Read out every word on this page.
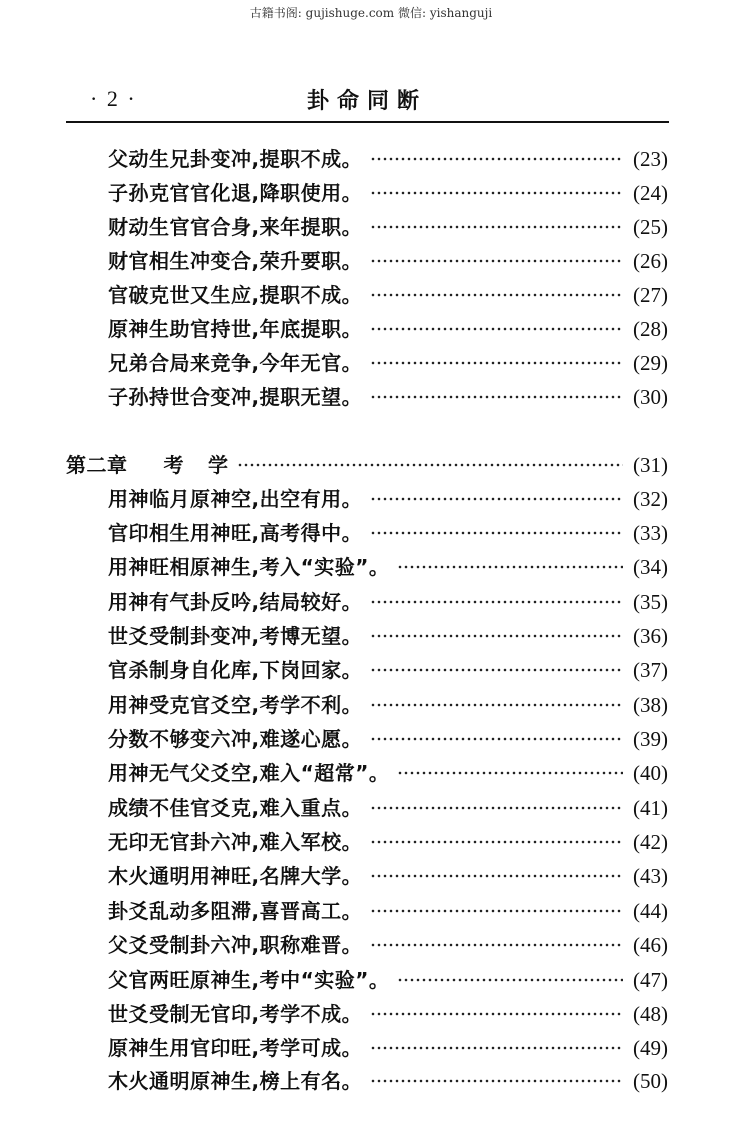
古籍书阁: gujishuge.com 微信: yishanguji
· 2 ·	卦命同断
父动生兄卦变冲,提职不成。	(23)
子孙克官官化退,降职使用。	(24)
财动生官官合身,来年提职。	(25)
财官相生冲变合,荣升要职。	(26)
官破克世又生应,提职不成。	(27)
原神生助官持世,年底提职。	(28)
兄弟合局来竞争,今年无官。	(29)
子孙持世合变冲,提职无望。	(30)
第二章 考 学	(31)
用神临月原神空,出空有用。	(32)
官印相生用神旺,高考得中。	(33)
用神旺相原神生,考入“实验”。	(34)
用神有气卦反吟,结局较好。	(35)
世爻受制卦变冲,考博无望。	(36)
官杀制身自化库,下岗回家。	(37)
用神受克官爻空,考学不利。	(38)
分数不够变六冲,难遂心愿。	(39)
用神无气父爻空,难入“超常”。	(40)
成绩不佳官爻克,难入重点。	(41)
无印无官卦六冲,难入军校。	(42)
木火通明用神旺,名牌大学。	(43)
卦爻乱动多阻滞,喜晋高工。	(44)
父爻受制卦六冲,职称难晋。	(46)
父官两旺原神生,考中“实验”。	(47)
世爻受制无官印,考学不成。	(48)
原神生用官印旺,考学可成。	(49)
木火通明原神生,榜上有名。	(50)
